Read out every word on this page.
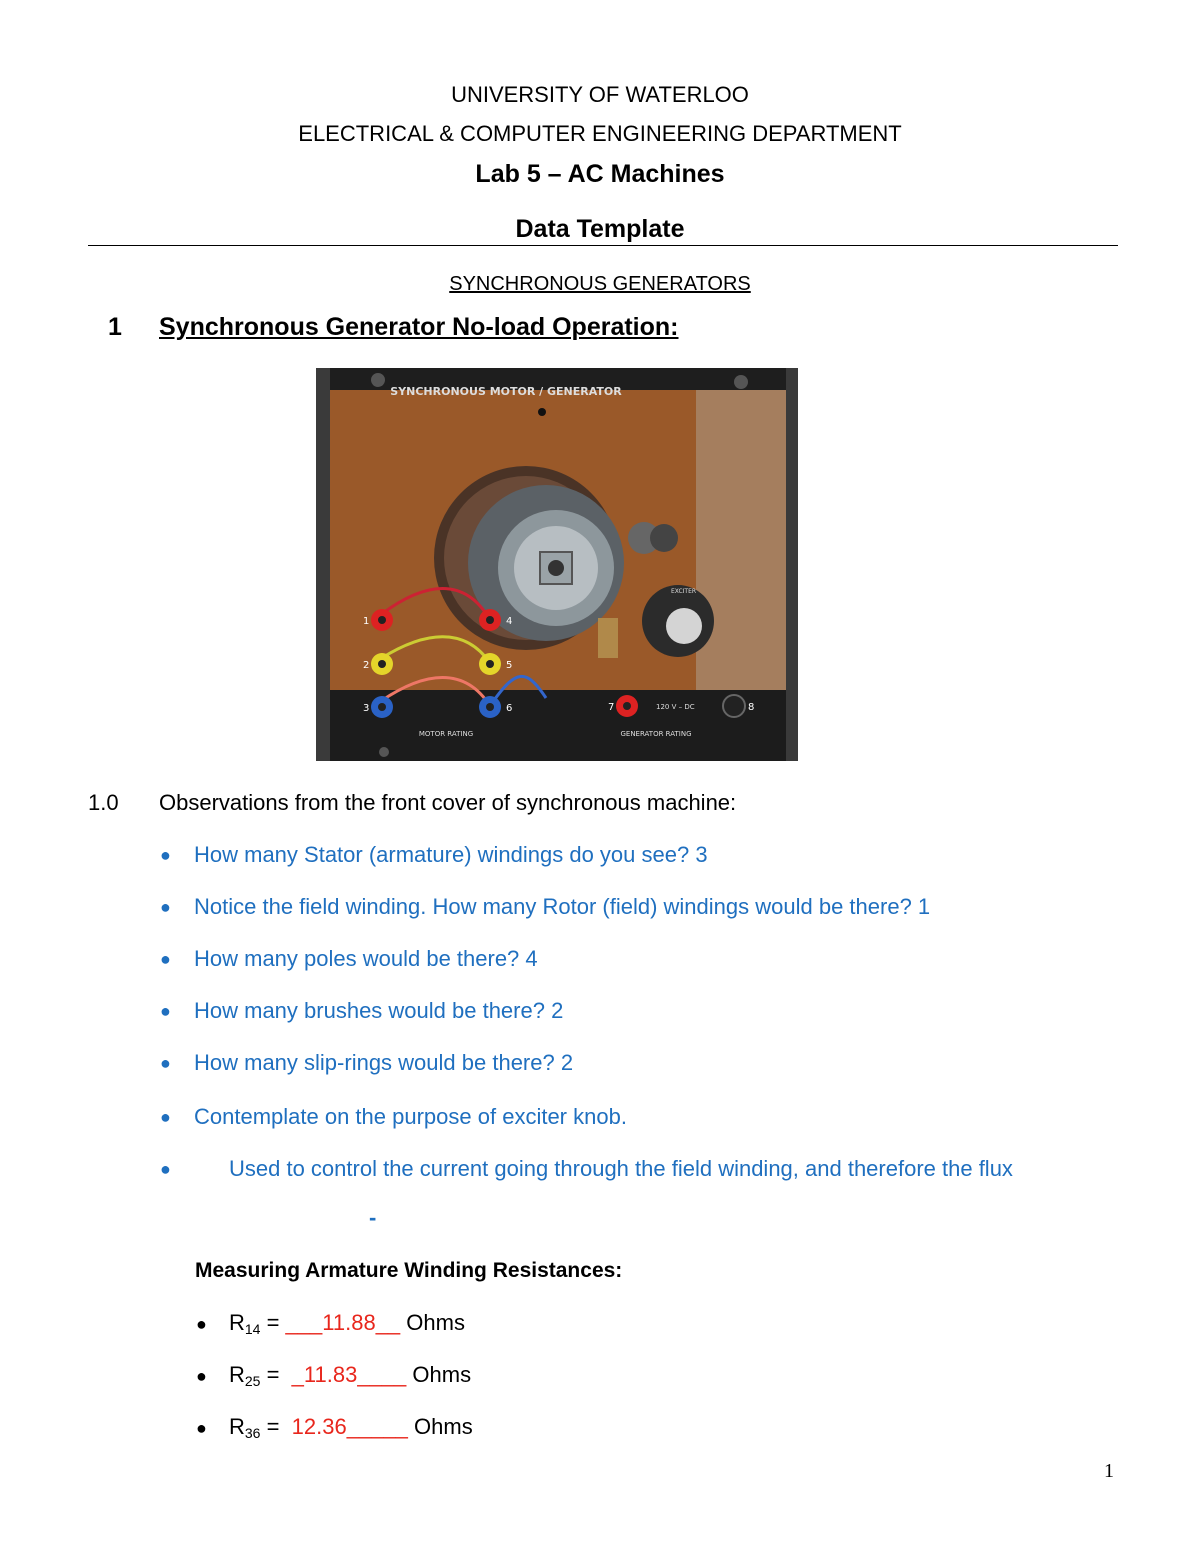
UNIVERSITY OF WATERLOO
ELECTRICAL & COMPUTER ENGINEERING DEPARTMENT
Lab 5 – AC Machines
Data Template
SYNCHRONOUS GENERATORS
1 Synchronous Generator No-load Operation:
SYNCHRONOUS MOTOR / GENERATOR
EXCITER
1
2
3
4
5
6	7	8
120 V – DC
MOTOR RATING	GENERATOR RATING
1.0 Observations from the front cover of synchronous machine:
● How many Stator (armature) windings do you see? 3
● Notice the field winding. How many Rotor (field) windings would be there? 1
● How many poles would be there? 4
● How many brushes would be there? 2
● How many slip-rings would be there? 2
● Contemplate on the purpose of exciter knob.
●	Used to control the current going through the field winding, and therefore the flux
-
Measuring Armature Winding Resistances:
● $R_{14}$ = ___11.88__ Ohms
● $R_{25}$ =  _11.83____ Ohms
● $R_{36}$ =  12.36_____ Ohms
1
